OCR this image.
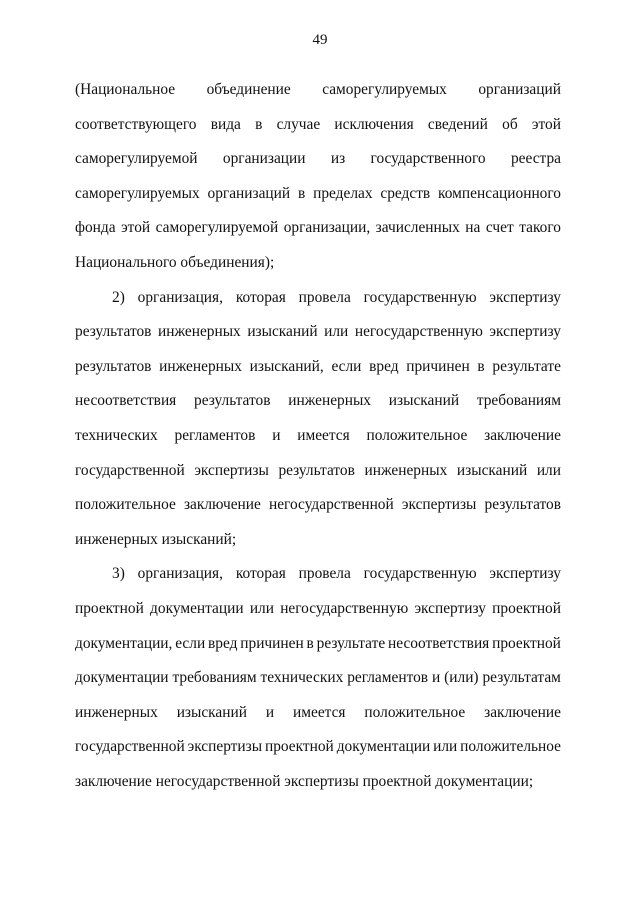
49
(Национальное объединение саморегулируемых организаций
соответствующего вида в случае исключения сведений об этой
саморегулируемой организации из государственного реестра
саморегулируемых организаций в пределах средств компенсационного
фонда этой саморегулируемой организации, зачисленных на счет такого
Национального объединения);
2) организация, которая провела государственную экспертизу
результатов инженерных изысканий или негосударственную экспертизу
результатов инженерных изысканий, если вред причинен в результате
несоответствия результатов инженерных изысканий требованиям
технических регламентов и имеется положительное заключение
государственной экспертизы результатов инженерных изысканий или
положительное заключение негосударственной экспертизы результатов
инженерных изысканий;
3) организация, которая провела государственную экспертизу
проектной документации или негосударственную экспертизу проектной
документации, если вред причинен в результате несоответствия проектной
документации требованиям технических регламентов и (или) результатам
инженерных изысканий и имеется положительное заключение
государственной экспертизы проектной документации или положительное
заключение негосударственной экспертизы проектной документации;
